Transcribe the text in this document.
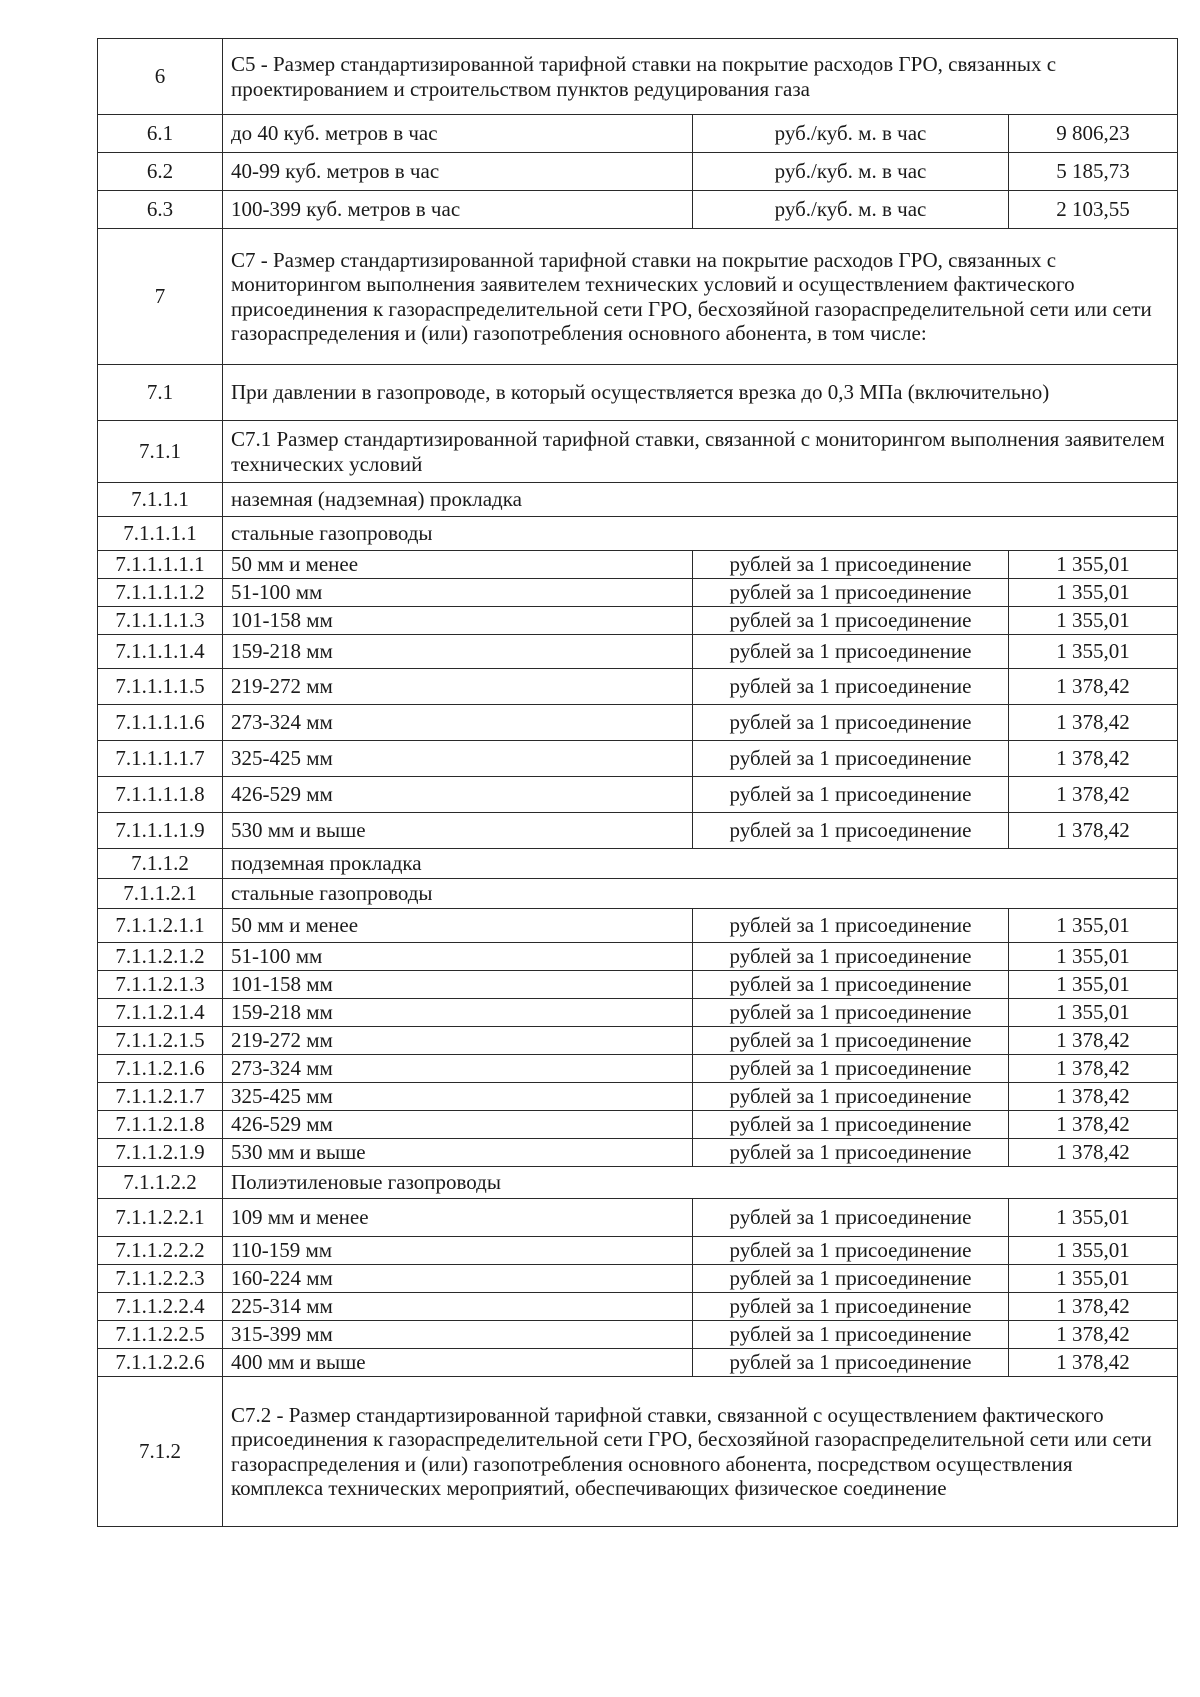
6	С5 - Размер стандартизированной тарифной ставки на покрытие расходов ГРО, связанных с проектированием и строительством пунктов редуцирования газа		
6.1	до 40 куб. метров в час	руб./куб. м. в час	9 806,23
6.2	40-99 куб. метров в час	руб./куб. м. в час	5 185,73
6.3	100-399 куб. метров в час	руб./куб. м. в час	2 103,55
7	С7 - Размер стандартизированной тарифной ставки на покрытие расходов ГРО, связанных с мониторингом выполнения заявителем технических условий и осуществлением фактического присоединения к газораспределительной сети ГРО, бесхозяйной газораспределительной сети или сети газораспределения и (или) газопотребления основного абонента, в том числе:		
7.1	При давлении в газопроводе, в который осуществляется врезка до 0,3 МПа (включительно)		
7.1.1	С7.1 Размер стандартизированной тарифной ставки, связанной с мониторингом выполнения заявителем технических условий		
7.1.1.1	наземная (надземная) прокладка		
7.1.1.1.1	стальные газопроводы		
7.1.1.1.1.1	50 мм и менее	рублей за 1 присоединение	1 355,01
7.1.1.1.1.2	51-100 мм	рублей за 1 присоединение	1 355,01
7.1.1.1.1.3	101-158 мм	рублей за 1 присоединение	1 355,01
7.1.1.1.1.4	159-218 мм	рублей за 1 присоединение	1 355,01
7.1.1.1.1.5	219-272 мм	рублей за 1 присоединение	1 378,42
7.1.1.1.1.6	273-324 мм	рублей за 1 присоединение	1 378,42
7.1.1.1.1.7	325-425 мм	рублей за 1 присоединение	1 378,42
7.1.1.1.1.8	426-529 мм	рублей за 1 присоединение	1 378,42
7.1.1.1.1.9	530 мм и выше	рублей за 1 присоединение	1 378,42
7.1.1.2	подземная прокладка		
7.1.1.2.1	стальные газопроводы		
7.1.1.2.1.1	50 мм и менее	рублей за 1 присоединение	1 355,01
7.1.1.2.1.2	51-100 мм	рублей за 1 присоединение	1 355,01
7.1.1.2.1.3	101-158 мм	рублей за 1 присоединение	1 355,01
7.1.1.2.1.4	159-218 мм	рублей за 1 присоединение	1 355,01
7.1.1.2.1.5	219-272 мм	рублей за 1 присоединение	1 378,42
7.1.1.2.1.6	273-324 мм	рублей за 1 присоединение	1 378,42
7.1.1.2.1.7	325-425 мм	рублей за 1 присоединение	1 378,42
7.1.1.2.1.8	426-529 мм	рублей за 1 присоединение	1 378,42
7.1.1.2.1.9	530 мм и выше	рублей за 1 присоединение	1 378,42
7.1.1.2.2	Полиэтиленовые газопроводы		
7.1.1.2.2.1	109 мм и менее	рублей за 1 присоединение	1 355,01
7.1.1.2.2.2	110-159 мм	рублей за 1 присоединение	1 355,01
7.1.1.2.2.3	160-224 мм	рублей за 1 присоединение	1 355,01
7.1.1.2.2.4	225-314 мм	рублей за 1 присоединение	1 378,42
7.1.1.2.2.5	315-399 мм	рублей за 1 присоединение	1 378,42
7.1.1.2.2.6	400 мм и выше	рублей за 1 присоединение	1 378,42
7.1.2	С7.2 - Размер стандартизированной тарифной ставки, связанной с осуществлением фактического присоединения к газораспределительной сети ГРО, бесхозяйной газораспределительной сети или сети газораспределения и (или) газопотребления основного абонента, посредством осуществления комплекса технических мероприятий, обеспечивающих физическое соединение		
